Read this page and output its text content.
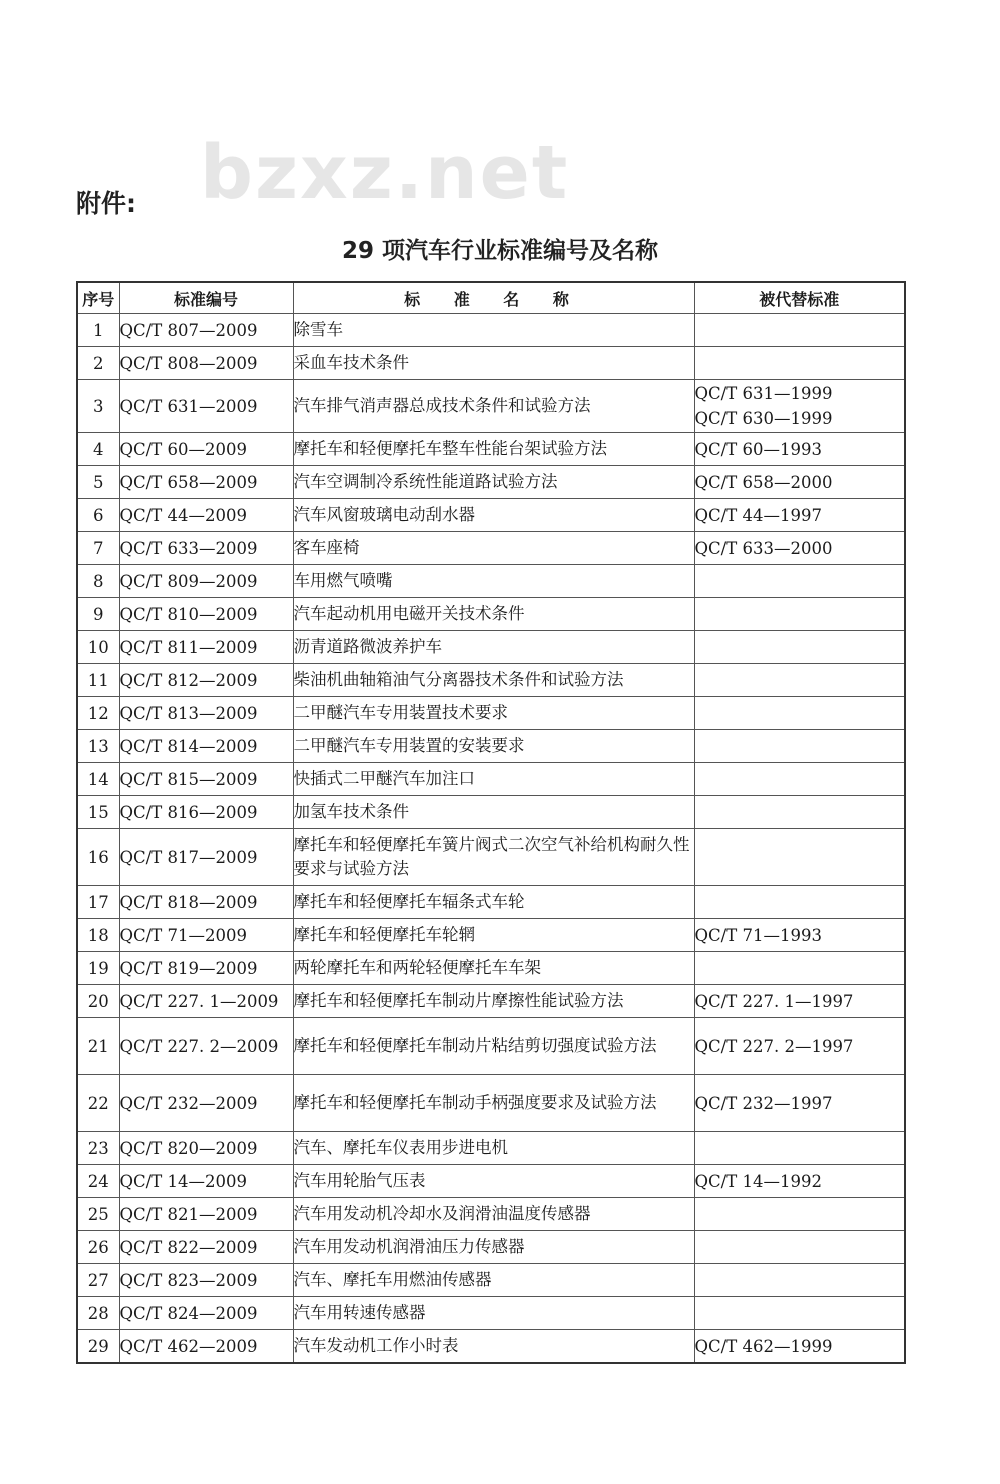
bzxz.net
附件:
29 项汽车行业标准编号及名称
序号	标准编号	标 准 名 称	被代替标准
1	QC/T 807—2009	除雪车	
2	QC/T 808—2009	采血车技术条件	
3	QC/T 631—2009	汽车排气消声器总成技术条件和试验方法	QC/T 631—1999
QC/T 630—1999

4	QC/T 60—2009	摩托车和轻便摩托车整车性能台架试验方法	QC/T 60—1993

5	QC/T 658—2009	汽车空调制冷系统性能道路试验方法	QC/T 658—2000

6	QC/T 44—2009	汽车风窗玻璃电动刮水器	QC/T 44—1997

7	QC/T 633—2009	客车座椅	QC/T 633—2000

8	QC/T 809—2009	车用燃气喷嘴	
9	QC/T 810—2009	汽车起动机用电磁开关技术条件	
10	QC/T 811—2009	沥青道路微波养护车	
11	QC/T 812—2009	柴油机曲轴箱油气分离器技术条件和试验方法	
12	QC/T 813—2009	二甲醚汽车专用装置技术要求	
13	QC/T 814—2009	二甲醚汽车专用装置的安装要求	
14	QC/T 815—2009	快插式二甲醚汽车加注口	
15	QC/T 816—2009	加氢车技术条件	
16	QC/T 817—2009	摩托车和轻便摩托车簧片阀式二次空气补给机构耐久性要求与试验方法	
17	QC/T 818—2009	摩托车和轻便摩托车辐条式车轮	
18	QC/T 71—2009	摩托车和轻便摩托车轮辋	QC/T 71—1993

19	QC/T 819—2009	两轮摩托车和两轮轻便摩托车车架	
20	QC/T 227. 1—2009	摩托车和轻便摩托车制动片摩擦性能试验方法	QC/T 227. 1—1997

21	QC/T 227. 2—2009	摩托车和轻便摩托车制动片粘结剪切强度试验方法	QC/T 227. 2—1997

22	QC/T 232—2009	摩托车和轻便摩托车制动手柄强度要求及试验方法	QC/T 232—1997

23	QC/T 820—2009	汽车、摩托车仪表用步进电机	
24	QC/T 14—2009	汽车用轮胎气压表	QC/T 14—1992

25	QC/T 821—2009	汽车用发动机冷却水及润滑油温度传感器	
26	QC/T 822—2009	汽车用发动机润滑油压力传感器	
27	QC/T 823—2009	汽车、摩托车用燃油传感器	
28	QC/T 824—2009	汽车用转速传感器	
29	QC/T 462—2009	汽车发动机工作小时表	QC/T 462—1999
